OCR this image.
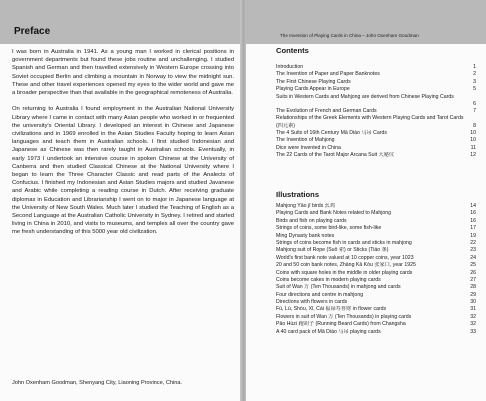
Preface

I was born in Australia in 1941. As a young man I worked in clerical positions in government departments but found these jobs routine and unchallenging. I studied Spanish and German and then travelled extensively in Western Europe crossing into Soviet occupied Berlin and climbing a mountain in Norway to view the midnight sun. These and other travel experiences opened my eyes to the wider world and gave me a broader perspective than that available in the geographical remoteness of Australia.

On returning to Australia I found employment in the Australian National University Library where I came in contact with many Asian people who worked in or frequented the university's Oriental Library. I developed an interest in Chinese and Japanese civilizations and in 1969 enrolled in the Asian Studies Faculty hoping to learn Asian languages and teach them in Australian schools. I first studied Indonesian and Japanese as Chinese was then rarely taught in Australian schools. Eventually, in early 1973 I undertook an intensive course in spoken Chinese at the University of Canberra and then studied Classical Chinese at the National University where I began to learn the Three Character Classic and read parts of the Analects of Confucius. I finished my Indonesian and Asian Studies majors and studied Javanese and Arabic while completing a reading course in Dutch. After receiving graduate diplomas in Education and Librarianship I went on to major in Japanese language at the University of New South Wales. Much later I studied the Teaching of English as a Second Language at the Australian Catholic University in Sydney. I retired and started living in China in 2010, and visits to museums, and temples all over the country gave me fresh understanding of this 5000 year old civilization.

John Oxenham Goodman, Shenyang City, Liaoning Province, China.
The Invention of Playing Cards in China – John Oxenham Goodman
Contents
Introduction	1
The Invention of Paper and Paper Banknotes	2
The First Chinese Playing Cards	3
Playing Cards Appear in Europe	5
Suits in Western Cards and Mahjong are derived from Chinese Playing Cards
6
The Evolution of French and German Cards	7
Relationships of the Greek Elements with Western Playing Cards and Tarot Cards (四元素)	8
The 4 Suits of 16th Century Mǎ Diào 马吊 Cards	10
The Invention of Mahjong	10
Dice were Invented in China	11
The 22 Cards of the Tarot Major Arcana Suit 大秘仪	12
Illustrations
Mahjong Yāo jī birds 幺鸡	14
Playing Cards and Bank Notes related to Mahjong	16
Birds and fish on playing cards	16
Strings of coins, some bird-like, some fish-like	17
Ming Dynasty bank notes	19
Strings of coins become fish in cards and sticks in mahjong	22
Mahjong suit of Rope (Suǒ 索) or Sticks (Tiáo 条)	23
World's first bank note valued at 10 copper coins, year 1023	24
20 and 50 coin bank notes, Zhāng Kā Kòu 张家口, year 1925	25
Coins with square holes in the middle in older playing cards	26
Coins become cakes in modern playing cards	27
Suit of Wan 万 (Ten Thousands) in mahjong and cards	28
Four directions and centre in mahjong	29
Directions with flowers in cards	30
Fú, Lù, Shòu, Xǐ, Cái 福禄寿喜财 in flower cards	31
Flowers in suit of Wan 万 (Ten Thousands) in playing cards	32
Pǎo Húzi 跑胡子 (Running Beard Cards) from Changsha	32
A 40 card pack of Mǎ Diào 马吊 playing cards	33
